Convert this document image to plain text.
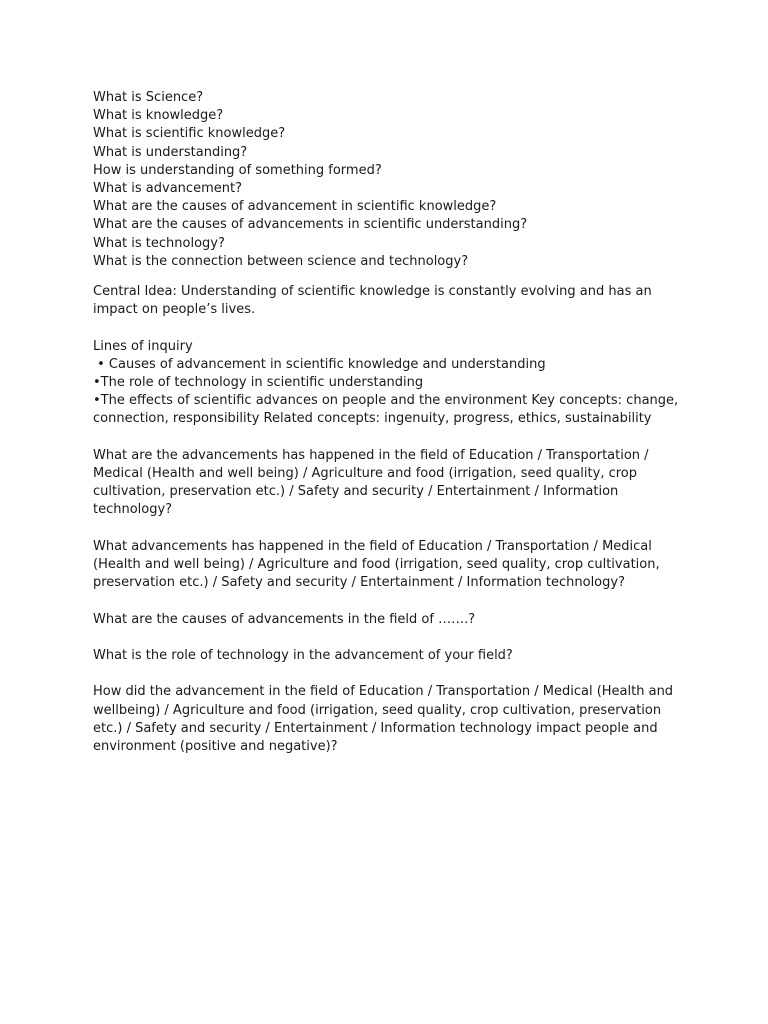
What is Science?
What is knowledge?
What is scientific knowledge?
What is understanding?
How is understanding of something formed?
What is advancement?
What are the causes of advancement in scientific knowledge?
What are the causes of advancements in scientific understanding?
What is technology?
What is the connection between science and technology?
Central Idea: Understanding of scientific knowledge is constantly evolving and has an
impact on people’s lives.
Lines of inquiry
• Causes of advancement in scientific knowledge and understanding
•The role of technology in scientific understanding
•The effects of scientific advances on people and the environment Key concepts: change,
connection, responsibility Related concepts: ingenuity, progress, ethics, sustainability
What are the advancements has happened in the field of Education / Transportation /
Medical (Health and well being) / Agriculture and food (irrigation, seed quality, crop
cultivation, preservation etc.) / Safety and security / Entertainment / Information
technology?
What advancements has happened in the field of Education / Transportation / Medical
(Health and well being) / Agriculture and food (irrigation, seed quality, crop cultivation,
preservation etc.) / Safety and security / Entertainment / Information technology?
What are the causes of advancements in the field of …….?
What is the role of technology in the advancement of your field?
How did the advancement in the field of Education / Transportation / Medical (Health and
wellbeing) / Agriculture and food (irrigation, seed quality, crop cultivation, preservation
etc.) / Safety and security / Entertainment / Information technology impact people and
environment (positive and negative)?
